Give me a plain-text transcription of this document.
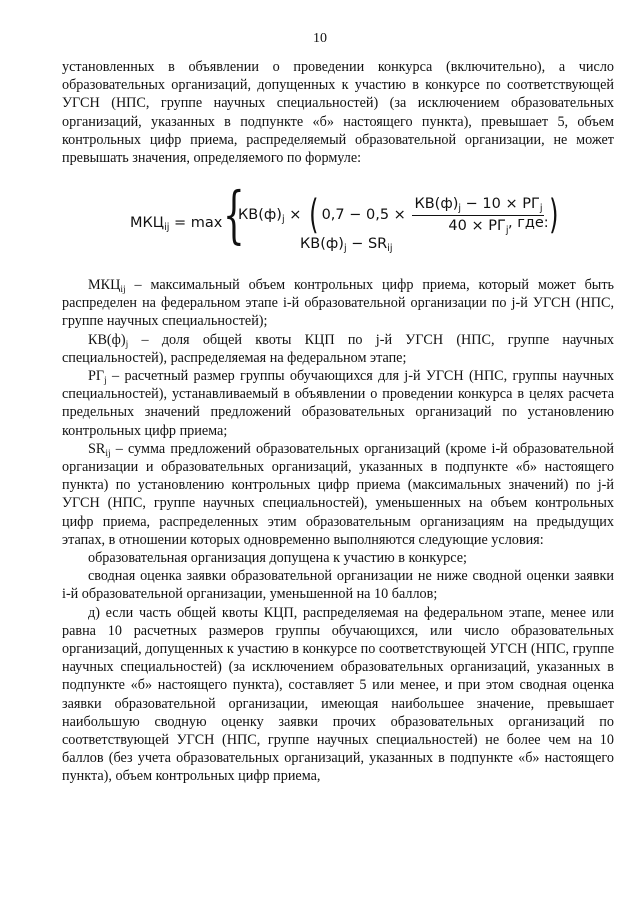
10

установленных в объявлении о проведении конкурса (включительно), а число образовательных организаций, допущенных к участию в конкурсе по соответствующей УГСН (НПС, группе научных специальностей) (за исключением образовательных организаций, указанных в подпункте «б» настоящего пункта), превышает 5, объем контрольных цифр приема, распределяемый образовательной организации, не может превышать значения, определяемого по формуле:

$МКЦ_{ij} = \max$ {
$КВ(ф)_j$ × ( $0,7 - 0,5 \times \frac{КВ(ф)_j - 10 \times РГ_j}{40 \times РГ_j}$ )
$КВ(ф)_j - SR_{ij}$
, где:

$МКЦ_{ij}$ – максимальный объем контрольных цифр приема, который может быть распределен на федеральном этапе i-й образовательной организации по j-й УГСН (НПС, группе научных специальностей);

$КВ(ф)_j$ – доля общей квоты КЦП по j-й УГСН (НПС, группе научных специальностей), распределяемая на федеральном этапе;

$РГ_j$ – расчетный размер группы обучающихся для j-й УГСН (НПС, группы научных специальностей), устанавливаемый в объявлении о проведении конкурса в целях расчета предельных значений предложений образовательных организаций по установлению контрольных цифр приема;

$SR_{ij}$ – сумма предложений образовательных организаций (кроме i-й образовательной организации и образовательных организаций, указанных в подпункте «б» настоящего пункта) по установлению контрольных цифр приема (максимальных значений) по j-й УГСН (НПС, группе научных специальностей), уменьшенных на объем контрольных цифр приема, распределенных этим образовательным организациям на предыдущих этапах, в отношении которых одновременно выполняются следующие условия:

образовательная организация допущена к участию в конкурсе;

сводная оценка заявки образовательной организации не ниже сводной оценки заявки i-й образовательной организации, уменьшенной на 10 баллов;

д) если часть общей квоты КЦП, распределяемая на федеральном этапе, менее или равна 10 расчетных размеров группы обучающихся, или число образовательных организаций, допущенных к участию в конкурсе по соответствующей УГСН (НПС, группе научных специальностей) (за исключением образовательных организаций, указанных в подпункте «б» настоящего пункта), составляет 5 или менее, и при этом сводная оценка заявки образовательной организации, имеющая наибольшее значение, превышает наибольшую сводную оценку заявки прочих образовательных организаций по соответствующей УГСН (НПС, группе научных специальностей) не более чем на 10 баллов (без учета образовательных организаций, указанных в подпункте «б» настоящего пункта), объем контрольных цифр приема,
